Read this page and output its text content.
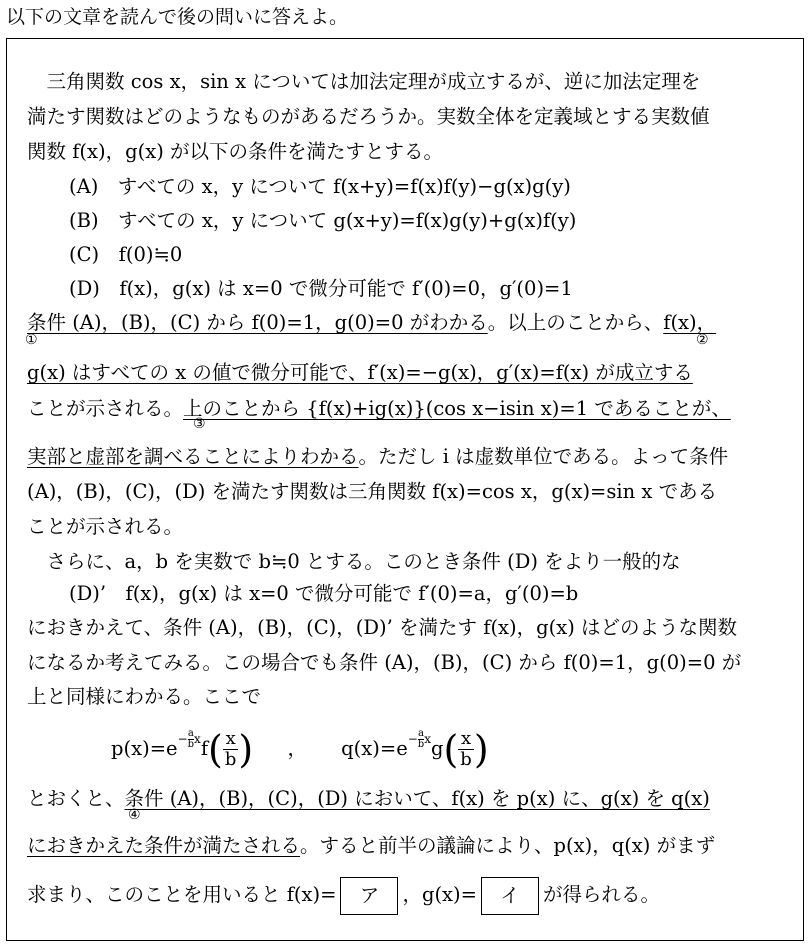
以下の文章を読んで後の問いに答えよ。
　三角関数 cos x，sin x については加法定理が成立するが、逆に加法定理を
満たす関数はどのようなものがあるだろうか。実数全体を定義域とする実数値
関数 f(x)，g(x) が以下の条件を満たすとする。
(A)　すべての x，y について f(x+y)=f(x)f(y)−g(x)g(y)
(B)　すべての x，y について g(x+y)=f(x)g(y)+g(x)f(y)
(C)　f(0)≒0
(D)　f(x)，g(x) は x=0 で微分可能で f′(0)=0，g′(0)=1
条件 (A)，(B)，(C) から f(0)=1，g(0)=0 がわかる。以上のことから、f(x)，
①	②
g(x) はすべての x の値で微分可能で、f′(x)=−g(x)，g′(x)=f(x) が成立する
ことが示される。上のことから {f(x)+ig(x)}(cos x−isin x)=1 であることが、
③
実部と虚部を調べることによりわかる。ただし i は虚数単位である。よって条件
(A)，(B)，(C)，(D) を満たす関数は三角関数 f(x)=cos x，g(x)=sin x である
ことが示される。
　さらに、a，b を実数で b≒0 とする。このとき条件 (D) をより一般的な
(D)’　f(x)，g(x) は x=0 で微分可能で f′(0)=a，g′(0)=b
におきかえて、条件 (A)，(B)，(C)，(D)’ を満たす f(x)，g(x) はどのような関数
になるか考えてみる。この場合でも条件 (A)，(B)，(C) から f(0)=1，g(0)=0 が
上と同様にわかる。ここで
$p(x)=e^{- \frac{a}{b} x}f( \frac{x}{b}$ ) ， $q(x)=e^{- \frac{a}{b} x}g( \frac{x}{b}$ )
とおくと、条件 (A)，(B)，(C)，(D) において、f(x) を p(x) に、g(x) を q(x)
④
におきかえた条件が満たされる。すると前半の議論により、p(x)，q(x) がまず
求まり、このことを用いると f(x)= ア ，g(x)= イ が得られる。
